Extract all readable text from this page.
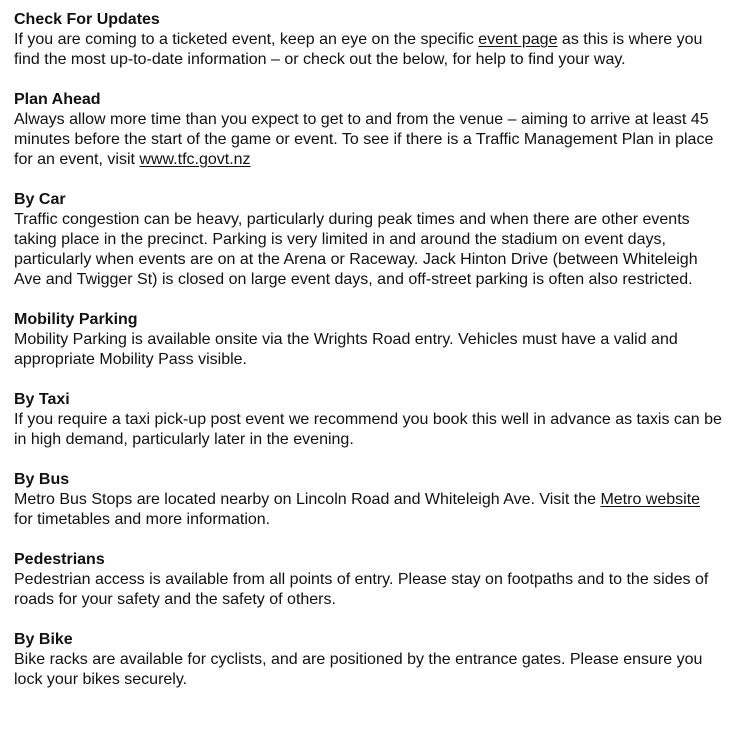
Check For Updates

If you are coming to a ticketed event, keep an eye on the specific event page as this is where you find the most up-to-date information – or check out the below, for help to find your way.

Plan Ahead

Always allow more time than you expect to get to and from the venue – aiming to arrive at least 45 minutes before the start of the game or event. To see if there is a Traffic Management Plan in place for an event, visit www.tfc.govt.nz

By Car

Traffic congestion can be heavy, particularly during peak times and when there are other events taking place in the precinct. Parking is very limited in and around the stadium on event days, particularly when events are on at the Arena or Raceway. Jack Hinton Drive (between Whiteleigh Ave and Twigger St) is closed on large event days, and off-street parking is often also restricted.

Mobility Parking

Mobility Parking is available onsite via the Wrights Road entry. Vehicles must have a valid and appropriate Mobility Pass visible.

By Taxi

If you require a taxi pick-up post event we recommend you book this well in advance as taxis can be in high demand, particularly later in the evening.

By Bus

Metro Bus Stops are located nearby on Lincoln Road and Whiteleigh Ave. Visit the Metro website for timetables and more information.

Pedestrians

Pedestrian access is available from all points of entry. Please stay on footpaths and to the sides of roads for your safety and the safety of others.

By Bike

Bike racks are available for cyclists, and are positioned by the entrance gates. Please ensure you lock your bikes securely.
